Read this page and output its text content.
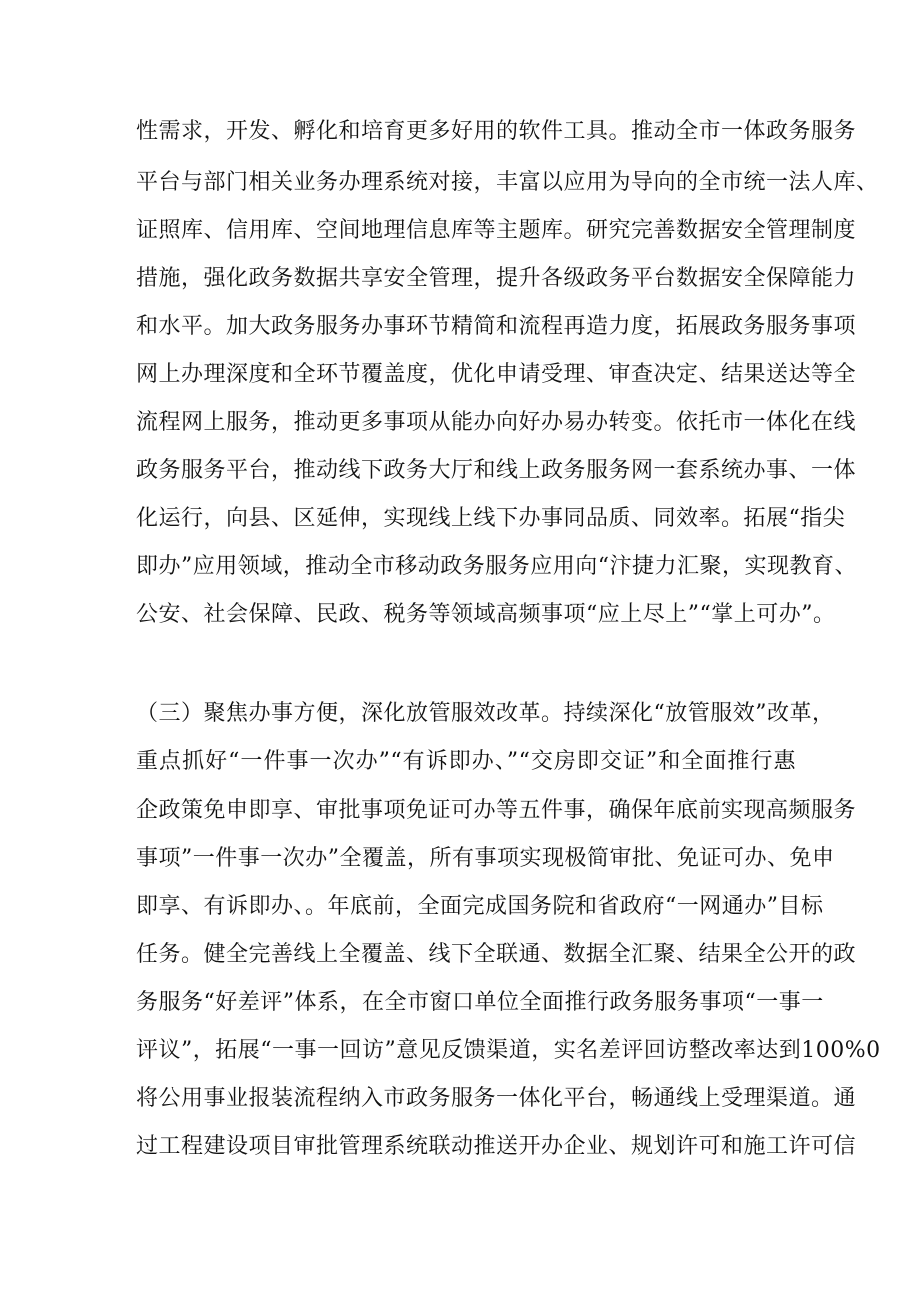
性需求，开发、孵化和培育更多好用的软件工具。推动全市一体政务服务
平台与部门相关业务办理系统对接，丰富以应用为导向的全市统一法人库、
证照库、信用库、空间地理信息库等主题库。研究完善数据安全管理制度
措施，强化政务数据共享安全管理，提升各级政务平台数据安全保障能力
和水平。加大政务服务办事环节精简和流程再造力度，拓展政务服务事项
网上办理深度和全环节覆盖度，优化申请受理、审查决定、结果送达等全
流程网上服务，推动更多事项从能办向好办易办转变。依托市一体化在线
政务服务平台，推动线下政务大厅和线上政务服务网一套系统办事、一体
化运行，向县、区延伸，实现线上线下办事同品质、同效率。拓展“指尖
即办”应用领域，推动全市移动政务服务应用向“汴捷力汇聚，实现教育、
公安、社会保障、民政、税务等领域高频事项“应上尽上”“掌上可办”。
（三）聚焦办事方便，深化放管服效改革。持续深化“放管服效”改革，
重点抓好“一件事一次办”“有诉即办、”“交房即交证”和全面推行惠
企政策免申即享、审批事项免证可办等五件事，确保年底前实现高频服务
事项”一件事一次办”全覆盖，所有事项实现极简审批、免证可办、免申
即享、有诉即办、。年底前，全面完成国务院和省政府“一网通办”目标
任务。健全完善线上全覆盖、线下全联通、数据全汇聚、结果全公开的政
务服务“好差评”体系，在全市窗口单位全面推行政务服务事项“一事一
评议”，拓展“一事一回访”意见反馈渠道，实名差评回访整改率达到100%0
将公用事业报装流程纳入市政务服务一体化平台，畅通线上受理渠道。通
过工程建设项目审批管理系统联动推送开办企业、规划许可和施工许可信
